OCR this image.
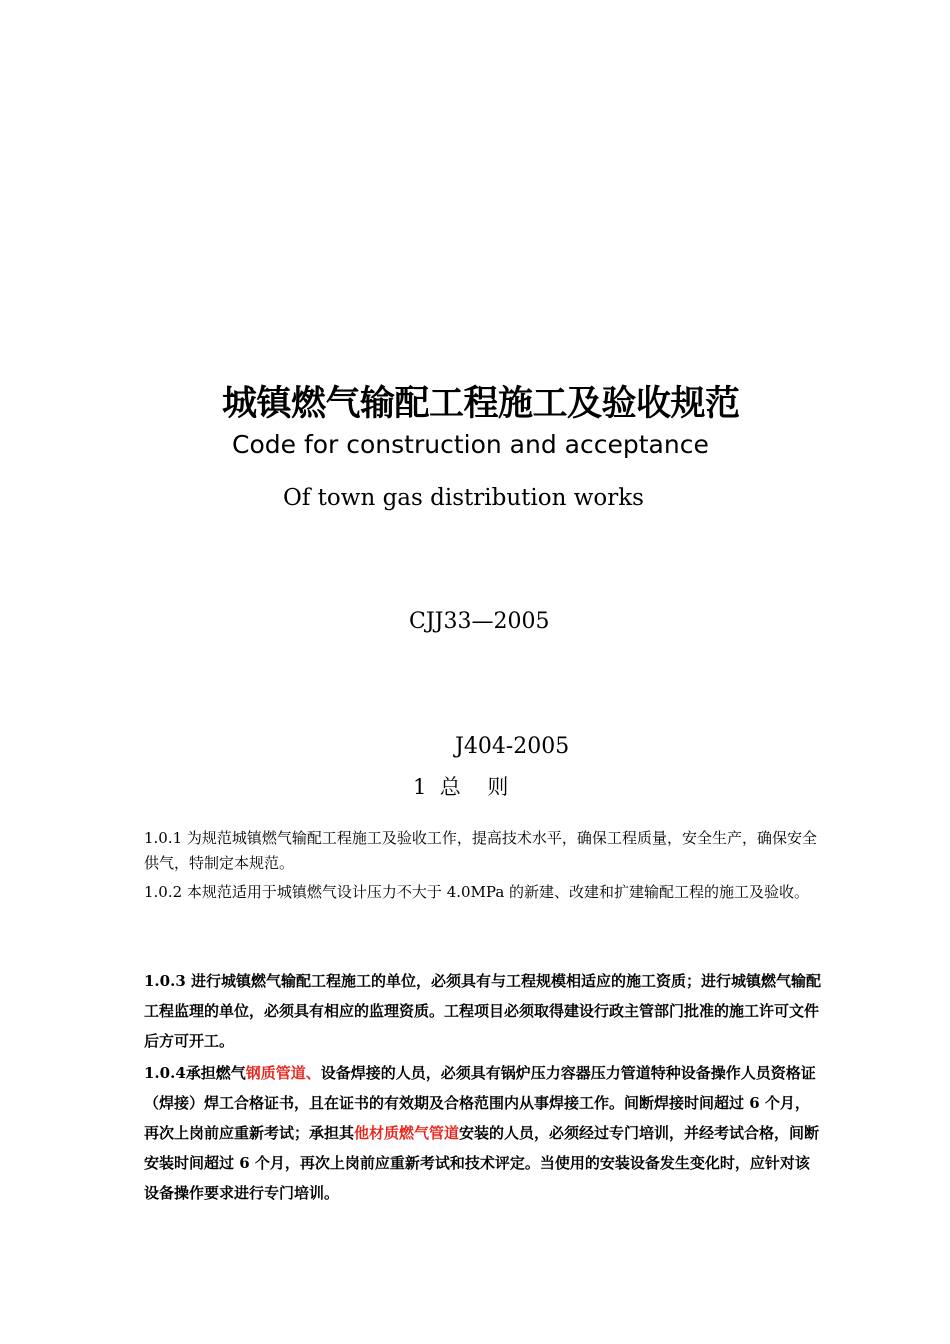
城镇燃气输配工程施工及验收规范
Code for construction and acceptance
Of town gas distribution works
CJJ33—2005
J404-2005
1  总    则

1.0.1 为规范城镇燃气输配工程施工及验收工作，提高技术水平，确保工程质量，安全生产，确保安全供气，特制定本规范。

1.0.2 本规范适用于城镇燃气设计压力不大于 4.0MPa 的新建、改建和扩建输配工程的施工及验收。

1.0.3 进行城镇燃气输配工程施工的单位，必须具有与工程规模相适应的施工资质；进行城镇燃气输配工程监理的单位，必须具有相应的监理资质。工程项目必须取得建设行政主管部门批准的施工许可文件后方可开工。

1.0.4承担燃气钢质管道、设备焊接的人员，必须具有锅炉压力容器压力管道特种设备操作人员资格证（焊接）焊工合格证书，且在证书的有效期及合格范围内从事焊接工作。间断焊接时间超过 6 个月，再次上岗前应重新考试；承担其他材质燃气管道安装的人员，必须经过专门培训，并经考试合格，间断安装时间超过 6 个月，再次上岗前应重新考试和技术评定。当使用的安装设备发生变化时，应针对该设备操作要求进行专门培训。
